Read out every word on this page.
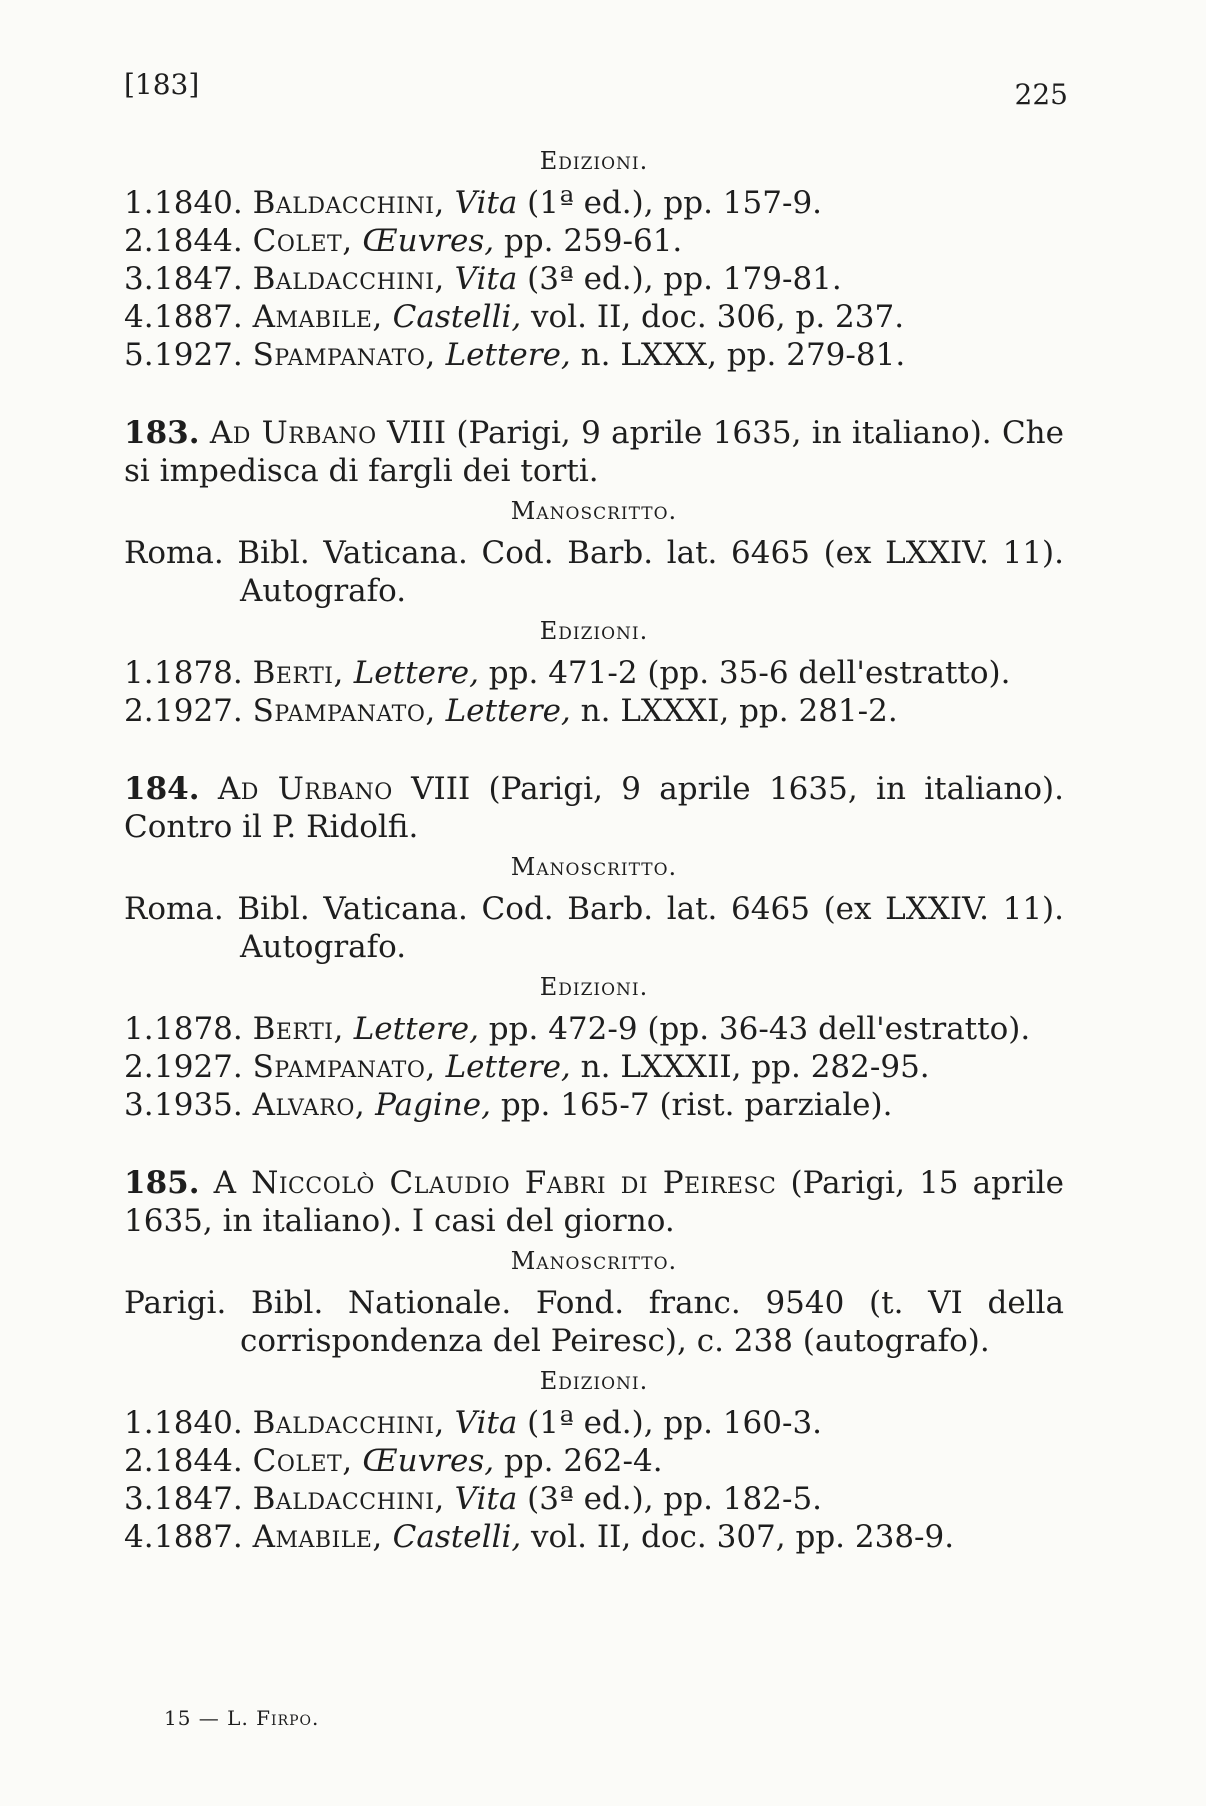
[183]	225
Edizioni.

1.1840. Baldacchini, Vita (1ª ed.), pp. 157-9.

2.1844. Colet, Œuvres, pp. 259-61.

3.1847. Baldacchini, Vita (3ª ed.), pp. 179-81.

4.1887. Amabile, Castelli, vol. II, doc. 306, p. 237.

5.1927. Spampanato, Lettere, n. LXXX, pp. 279-81.

183. Ad Urbano VIII (Parigi, 9 aprile 1635, in italiano). Che si impedisca di fargli dei torti.
Manoscritto.
Roma. Bibl. Vaticana. Cod. Barb. lat. 6465 (ex LXXIV. 11). Autografo.
Edizioni.

1.1878. Berti, Lettere, pp. 471-2 (pp. 35-6 dell'estratto).

2.1927. Spampanato, Lettere, n. LXXXI, pp. 281-2.

184. Ad Urbano VIII (Parigi, 9 aprile 1635, in italiano). Contro il P. Ridolfi.
Manoscritto.
Roma. Bibl. Vaticana. Cod. Barb. lat. 6465 (ex LXXIV. 11). Autografo.
Edizioni.

1.1878. Berti, Lettere, pp. 472-9 (pp. 36-43 dell'estratto).

2.1927. Spampanato, Lettere, n. LXXXII, pp. 282-95.

3.1935. Alvaro, Pagine, pp. 165-7 (rist. parziale).

185. A Niccolò Claudio Fabri di Peiresc (Parigi, 15 aprile 1635, in italiano). I casi del giorno.
Manoscritto.
Parigi. Bibl. Nationale. Fond. franc. 9540 (t. VI della corrispondenza del Peiresc), c. 238 (autografo).
Edizioni.

1.1840. Baldacchini, Vita (1ª ed.), pp. 160-3.

2.1844. Colet, Œuvres, pp. 262-4.

3.1847. Baldacchini, Vita (3ª ed.), pp. 182-5.

4.1887. Amabile, Castelli, vol. II, doc. 307, pp. 238-9.

15 — L. Firpo.
